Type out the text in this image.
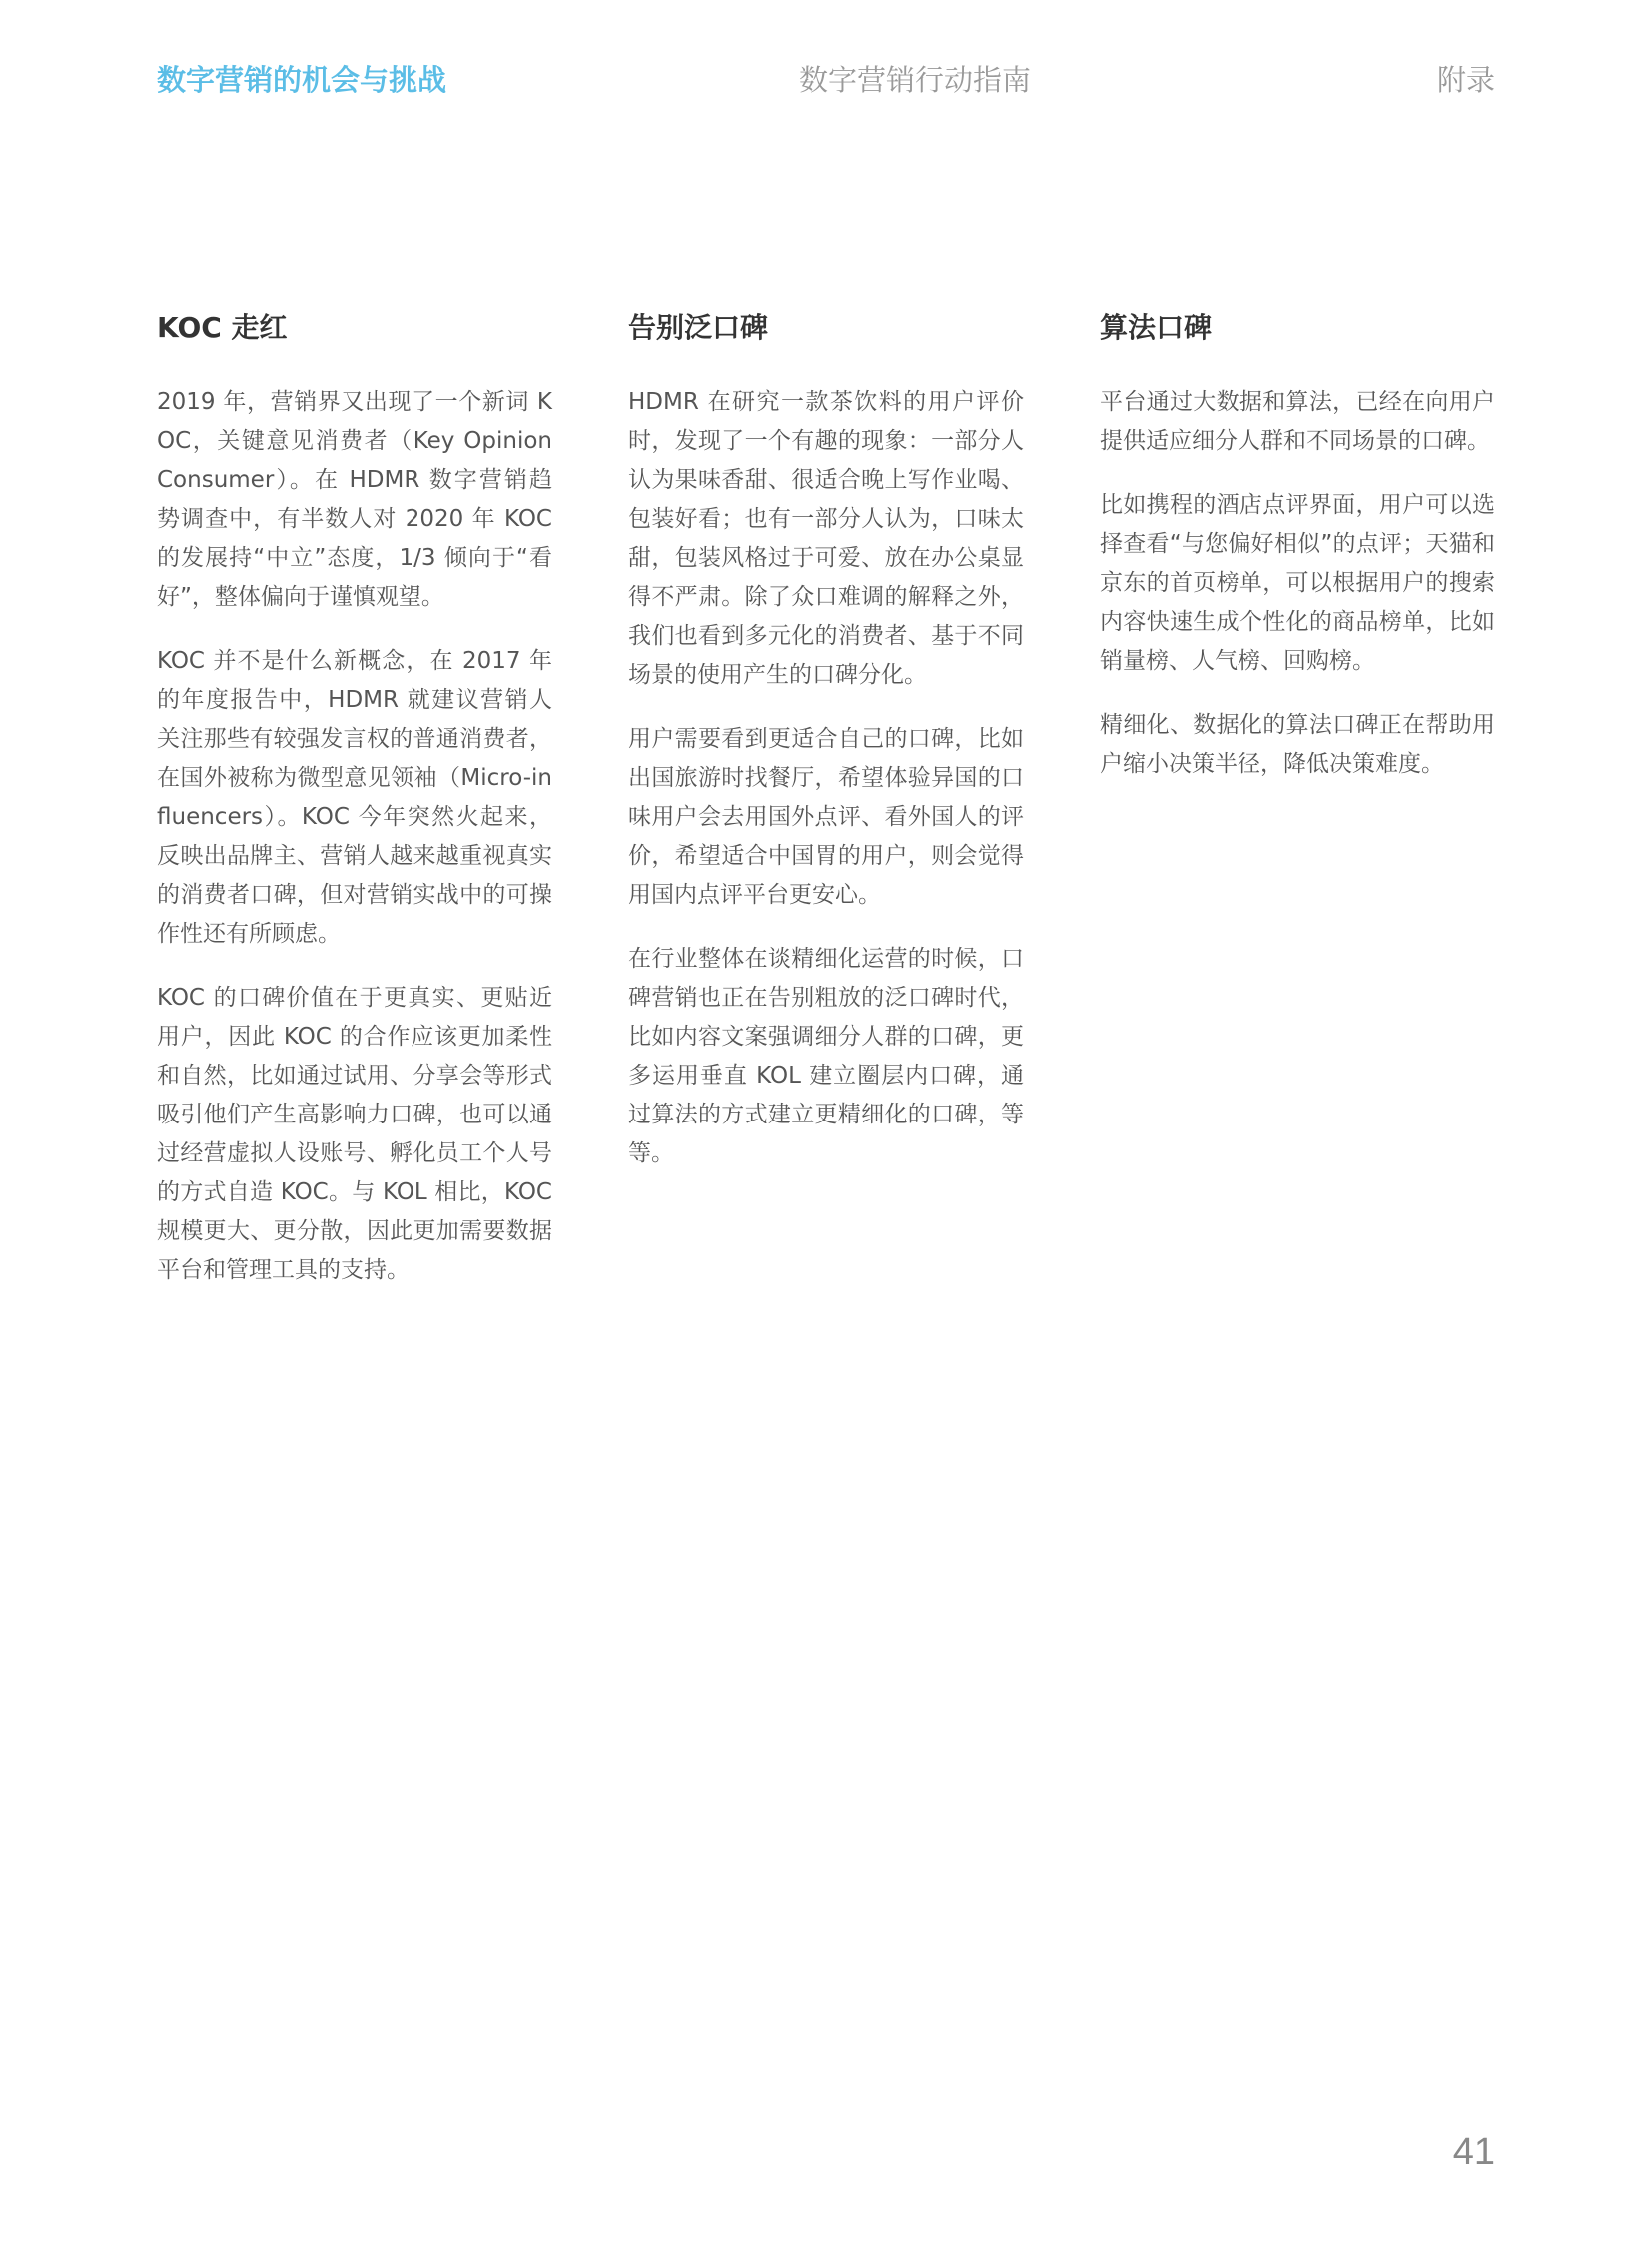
数字营销的机会与挑战	数字营销行动指南	附录
KOC 走红

2019 年，营销界又出现了一个新词 KOC，关键意见消费者（Key Opinion Consumer）。在 HDMR 数字营销趋势调查中，有半数人对 2020 年 KOC 的发展持“中立”态度，1/3 倾向于“看好”，整体偏向于谨慎观望。

KOC 并不是什么新概念，在 2017 年的年度报告中，HDMR 就建议营销人关注那些有较强发言权的普通消费者，在国外被称为微型意见领袖（Micro-influencers）。KOC 今年突然火起来，反映出品牌主、营销人越来越重视真实的消费者口碑，但对营销实战中的可操作性还有所顾虑。

KOC 的口碑价值在于更真实、更贴近用户，因此 KOC 的合作应该更加柔性和自然，比如通过试用、分享会等形式吸引他们产生高影响力口碑，也可以通过经营虚拟人设账号、孵化员工个人号的方式自造 KOC。与 KOL 相比，KOC 规模更大、更分散，因此更加需要数据平台和管理工具的支持。

告别泛口碑

HDMR 在研究一款茶饮料的用户评价时，发现了一个有趣的现象：一部分人认为果味香甜、很适合晚上写作业喝、包装好看；也有一部分人认为，口味太甜，包装风格过于可爱、放在办公桌显得不严肃。除了众口难调的解释之外，我们也看到多元化的消费者、基于不同场景的使用产生的口碑分化。

用户需要看到更适合自己的口碑，比如出国旅游时找餐厅，希望体验异国的口味用户会去用国外点评、看外国人的评价，希望适合中国胃的用户，则会觉得用国内点评平台更安心。

在行业整体在谈精细化运营的时候，口碑营销也正在告别粗放的泛口碑时代，比如内容文案强调细分人群的口碑，更多运用垂直 KOL 建立圈层内口碑，通过算法的方式建立更精细化的口碑，等等。

算法口碑

平台通过大数据和算法，已经在向用户提供适应细分人群和不同场景的口碑。

比如携程的酒店点评界面，用户可以选择查看“与您偏好相似”的点评；天猫和京东的首页榜单，可以根据用户的搜索内容快速生成个性化的商品榜单，比如销量榜、人气榜、回购榜。

精细化、数据化的算法口碑正在帮助用户缩小决策半径，降低决策难度。

41
